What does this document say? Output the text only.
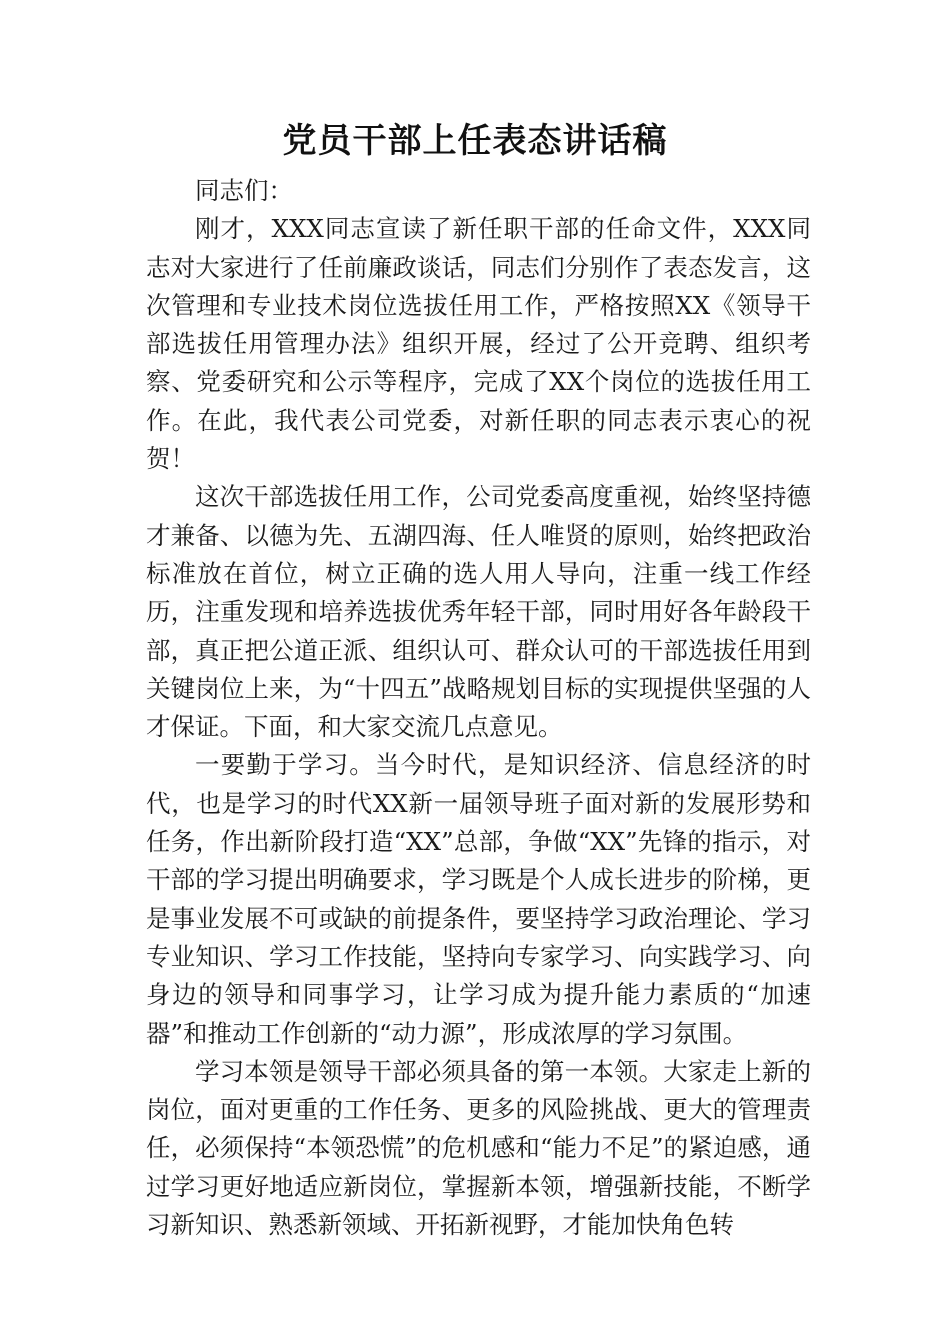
党员干部上任表态讲话稿

同志们：

刚才，XXX同志宣读了新任职干部的任命文件，XXX同志对大家进行了任前廉政谈话，同志们分别作了表态发言，这次管理和专业技术岗位选拔任用工作，严格按照XX《领导干部选拔任用管理办法》组织开展，经过了公开竞聘、组织考察、党委研究和公示等程序，完成了XX个岗位的选拔任用工作。在此，我代表公司党委，对新任职的同志表示衷心的祝贺！

这次干部选拔任用工作，公司党委高度重视，始终坚持德才兼备、以德为先、五湖四海、任人唯贤的原则，始终把政治标准放在首位，树立正确的选人用人导向，注重一线工作经历，注重发现和培养选拔优秀年轻干部，同时用好各年龄段干部，真正把公道正派、组织认可、群众认可的干部选拔任用到关键岗位上来，为“十四五”战略规划目标的实现提供坚强的人才保证。下面，和大家交流几点意见。

一要勤于学习。当今时代，是知识经济、信息经济的时代，也是学习的时代XX新一届领导班子面对新的发展形势和任务，作出新阶段打造“XX”总部，争做“XX”先锋的指示，对干部的学习提出明确要求，学习既是个人成长进步的阶梯，更是事业发展不可或缺的前提条件，要坚持学习政治理论、学习专业知识、学习工作技能，坚持向专家学习、向实践学习、向身边的领导和同事学习，让学习成为提升能力素质的“加速器”和推动工作创新的“动力源”，形成浓厚的学习氛围。

学习本领是领导干部必须具备的第一本领。大家走上新的岗位，面对更重的工作任务、更多的风险挑战、更大的管理责任，必须保持“本领恐慌”的危机感和“能力不足”的紧迫感，通过学习更好地适应新岗位，掌握新本领，增强新技能，不断学习新知识、熟悉新领域、开拓新视野，才能加快角色转
